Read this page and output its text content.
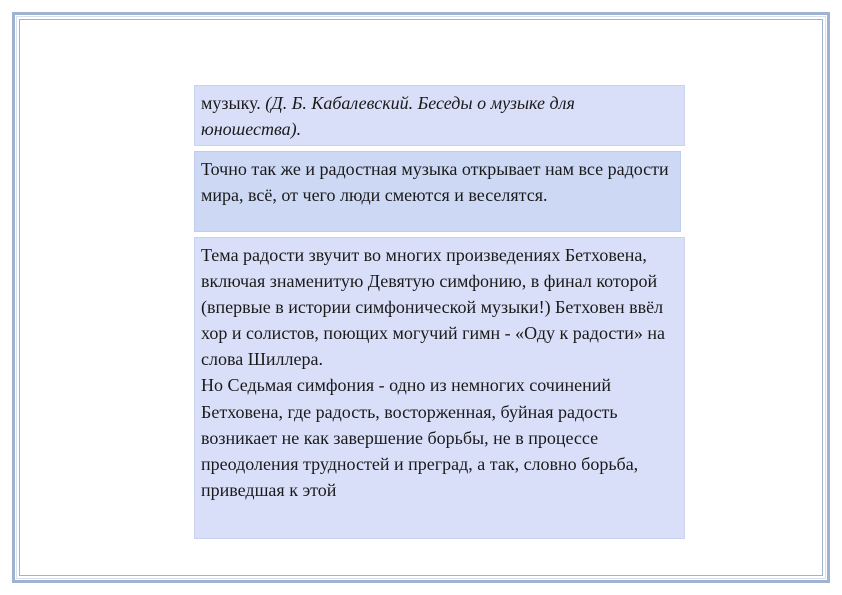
музыку. (Д. Б. Кабалевский. Беседы о музыке для юношества).

Точно так же и радостная музыка открывает нам все радости мира, всё, от чего люди смеются и веселятся.

Тема радости звучит во многих произведениях Бетховена, включая знаменитую Девятую симфонию, в финал которой (впервые в истории симфонической музыки!) Бетховен ввёл хор и солистов, поющих могучий гимн - «Оду к радости» на слова Шиллера.

Но Седьмая симфония - одно из немногих сочинений Бетховена, где радость, восторженная, буйная радость возникает не как завершение борьбы, не в процессе преодоления трудностей и преград, а так, словно борьба, приведшая к этой
